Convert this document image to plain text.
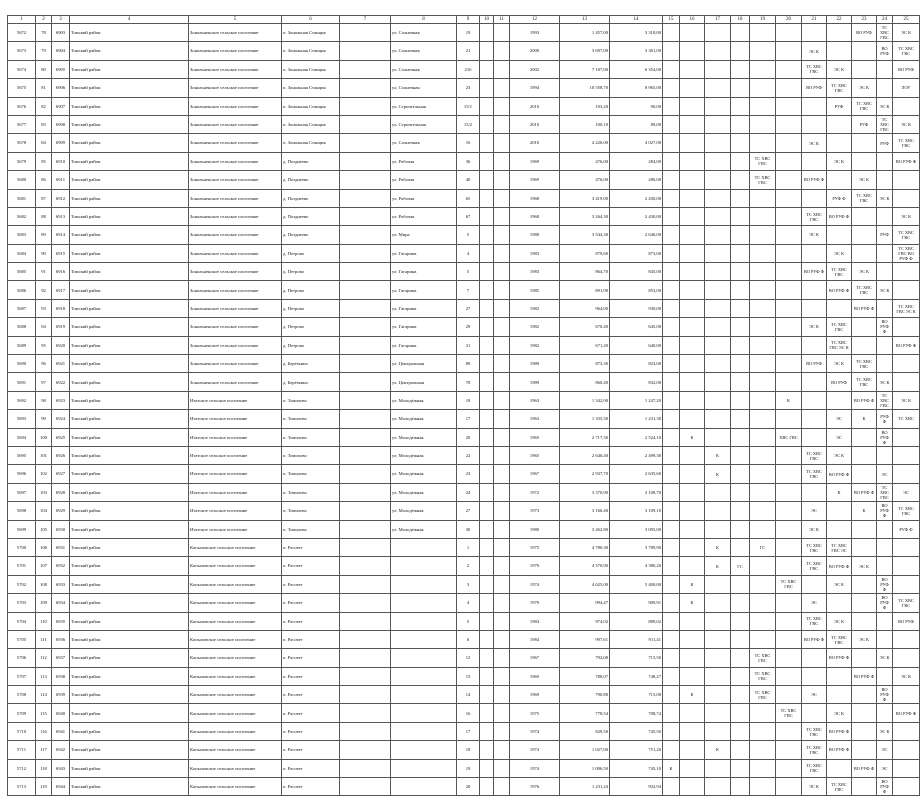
1	2	3	4	5	6	7	8	9	10	11	12	13	14	15	16	17	18	19	20	21	22	23	24	25
5672	78	6903	Томский район	Зональненское сельское поселение	п. Зональная Станция		ул. Солнечная	19			1993	1 457,00	3 310,00									ВО РУФ	ТС ХВС ГВС	ЭС К
5673	79	6904	Томский район	Зональненское сельское поселение	п. Зональная Станция		ул. Солнечная	21			2000	3 697,00	3 361,00							ЭС К			ВО РУФ	ТС ХВС ГВС
5674	80	6905	Томский район	Зональненское сельское поселение	п. Зональная Станция		ул. Солнечная	21б			2002	7 187,00	6 354,00							ТС ХВС ГВС	ЭС К			ВО РУФ
5675	81	6906	Томский район	Зональненское сельское поселение	п. Зональная Станция		ул. Солнечная	23			1994	10 558,70	8 965,00							ВО РУФ	ТС ХВС ГВС	ЭС К		ЛОУ
5676	82	6907	Томский район	Зональненское сельское поселение	п. Зональная Станция		ул. Строительная	15/1			2010	103,20	90,00								РУФ	ТС ХВС ГВС	ЭС К	
5677	83	6908	Томский район	Зональненское сельское поселение	п. Зональная Станция		ул. Строительная	15/2			2010	100,10	89,00									РУФ	ТС ХВС ГВС	ЭС К
5678	84	6909	Томский район	Зональненское сельское поселение	п. Зональная Станция		ул. Солнечная	16			2010	4 226,00	4 027,00							ЭС К			РУФ	ТС ХВС ГВС
5679	85	6910	Томский район	Зональненское сельское поселение	д. Позднеево		ул. Рабочая	36			1969	476,00	284,00					ТС ХВС ГВС			ЭС К			ВО РУФ Ф
5680	86	6911	Томский район	Зональненское сельское поселение	д. Позднеево		ул. Рабочая	40			1969	476,00	280,00					ТС ХВС ГВС		ВО РУФ Ф		ЭС К		
5681	87	6912	Томский район	Зональненское сельское поселение	д. Позднеево		ул. Рабочая	65			1968	3 419,00	2 430,00								РУФ Ф	ТС ХВС ГВС	ЭС К	
5682	88	6913	Томский район	Зональненское сельское поселение	д. Позднеево		ул. Рабочая	67			1968	3 264,30	2 430,00							ТС ХВС ГВС	ВО РУФ Ф			ЭС К
5683	89	6914	Томский район	Зональненское сельское поселение	д. Позднеево		ул. Мира	5			1988	3 544,30	2 640,00							ЭС К			РУФ	ТС ХВС ГВС
5684	90	6915	Томский район	Зональненское сельское поселение	д. Петрово		ул. Гагарина	4			1983	879,60	873,00								ЭС К			ТС ХВС ГВС ВО РУФ Ф
5685	91	6916	Томский район	Зональненское сельское поселение	д. Петрово		ул. Гагарина	5			1983	864,70	845,00							ВО РУФ Ф	ТС ХВС ГВС	ЭС К		
5686	92	6917	Томский район	Зональненское сельское поселение	д. Петрово		ул. Гагарина	7			1985	891,90	853,00								ВО РУФ Ф	ТС ХВС ГВС	ЭС К	
5687	93	6918	Томский район	Зональненское сельское поселение	д. Петрово		ул. Гагарина	27			1982	964,00	930,00									ВО РУФ Ф		ТС ХВС ГВС ЭС К
5688	94	6919	Томский район	Зональненское сельское поселение	д. Петрово		ул. Гагарина	29			1982	670,40	645,00							ЭС К	ТС ХВС ГВС		ВО РУФ Ф	
5689	95	6920	Томский район	Зональненское сельское поселение	д. Петрово		ул. Гагарина	31			1982	671,20	640,00								ТС ХВС ГВС ЭС К			ВО РУФ Ф
5690	96	6921	Томский район	Зональненское сельское поселение	д. Берёзкино		ул. Центральная	89			1989	873,30	823,00							ВО РУФ	ЭС К	ТС ХВС ГВС		
5691	97	6922	Томский район	Зональненское сельское поселение	д. Берёзкино		ул. Центральная	78			1989	860,40	832,00								ВО РУФ	ТС ХВС ГВС	ЭС К	
5692	98	6923	Томский район	Итатское сельское поселение	п. Томилово		ул. Молодёжная	18			1963	1 342,90	1 247,20						К			ВО РУФ Ф	ТС ХВС ГВС	ЭС К
5693	99	6924	Томский район	Итатское сельское поселение	п. Томилово		ул. Молодёжная	17			1963	1 335,30	1 231,30								ЭС	К	РУФ Ф	ТС ХВС
5694	100	6925	Томский район	Итатское сельское поселение	п. Томилово		ул. Молодёжная	20			1965	2 717,30	2 524,10		К				ХВС ГВС		ЭС		ВО РУФ Ф	
5695	101	6926	Томский район	Итатское сельское поселение	п. Томилово		ул. Молодёжная	22			1965	2 640,40	2 499,30			К				ТС ХВС ГВС	ЭС К			
5696	102	6927	Томский район	Итатское сельское поселение	п. Томилово		ул. Молодёжная	23			1967	2 937,70	2 635,60			К				ТС ХВС ГВС	ВО РУФ Ф		ЭС	
5697	103	6928	Томский район	Итатское сельское поселение	п. Томилово		ул. Молодёжная	24			1972	3 370,90	3 108,70								К	ВО РУФ Ф	ТС ХВС ГВС	ЭС
5698	104	6929	Томский район	Итатское сельское поселение	п. Томилово		ул. Молодёжная	27			1973	3 166,40	3 109,10							ЭС		К	ВО РУФ Ф	ТС ХВС ГВС
5699	105	6930	Томский район	Итатское сельское поселение	п. Томилово		ул. Молодёжная	30			1980	3 262,80	3 095,00							ЭС К				РУФ Ф
5700	106	6931	Томский район	Копыловское сельское поселение	п. Рассвет			1			1975	4 780,30	3 789,90			К		ГС		ТС ХВС ГВС	ТС ХВС ГВС ЭС			
5701	107	6932	Томский район	Копыловское сельское поселение	п. Рассвет			2			1979	4 570,90	4 380,20			К	ГС			ТС ХВС ГВС	ВО РУФ Ф	ЭС К		
5702	108	6933	Томский район	Копыловское сельское поселение	п. Рассвет			3			1974	4 625,00	5 400,00		К				ТС ХВС ГВС		ЭС К		ВО РУФ Ф	
5703	109	6934	Томский район	Копыловское сельское поселение	п. Рассвет			4			1979	994,47	909,91		К					ЭС			ВО РУФ Ф	ТС ХВС ГВС
5704	110	6935	Томский район	Копыловское сельское поселение	п. Рассвет			5			1984	974,02	889,02							ТС ХВС ГВС	ЭС К			ВО РУФ
5705	111	6936	Томский район	Копыловское сельское поселение	п. Рассвет			6			1984	997,61	911,41							ВО РУФ Ф	ТС ХВС ГВС	ЭС К		
5706	112	6937	Томский район	Копыловское сельское поселение	п. Рассвет			12			1967	792,00	715,50					ТС ХВС ГВС			ВО РУФ Ф		ЭС К	
5707	113	6938	Томский район	Копыловское сельское поселение	п. Рассвет			13			1969	788,07	748,27					ТС ХВС ГВС				ВО РУФ Ф		ЭС К
5708	114	6939	Томский район	Копыловское сельское поселение	п. Рассвет			14			1969	790,80	715,00		К			ТС ХВС ГВС		ЭС			ВО РУФ Ф	
5709	115	6940	Томский район	Копыловское сельское поселение	п. Рассвет			16			1975	778,54	708,74						ТС ХВС ГВС		ЭС К			ВО РУФ Ф
5710	116	6941	Томский район	Копыловское сельское поселение	п. Рассвет			17			1974	829,50	745,50							ТС ХВС ГВС	ВО РУФ Ф		ЭС К	
5711	117	6942	Томский район	Копыловское сельское поселение	п. Рассвет			18			1974	1 027,00	751,20			К				ТС ХВС ГВС	ВО РУФ Ф		ЭС	
5712	118	6943	Томский район	Копыловское сельское поселение	п. Рассвет			19			1974	1 006,50	745,10	К						ТС ХВС ГВС		ВО РУФ Ф	ЭС	
5713	119	6944	Томский район	Копыловское сельское поселение	п. Рассвет			20			1976	1 231,24	932,94							ЭС К	ТС ХВС ГВС		ВО РУФ Ф	
